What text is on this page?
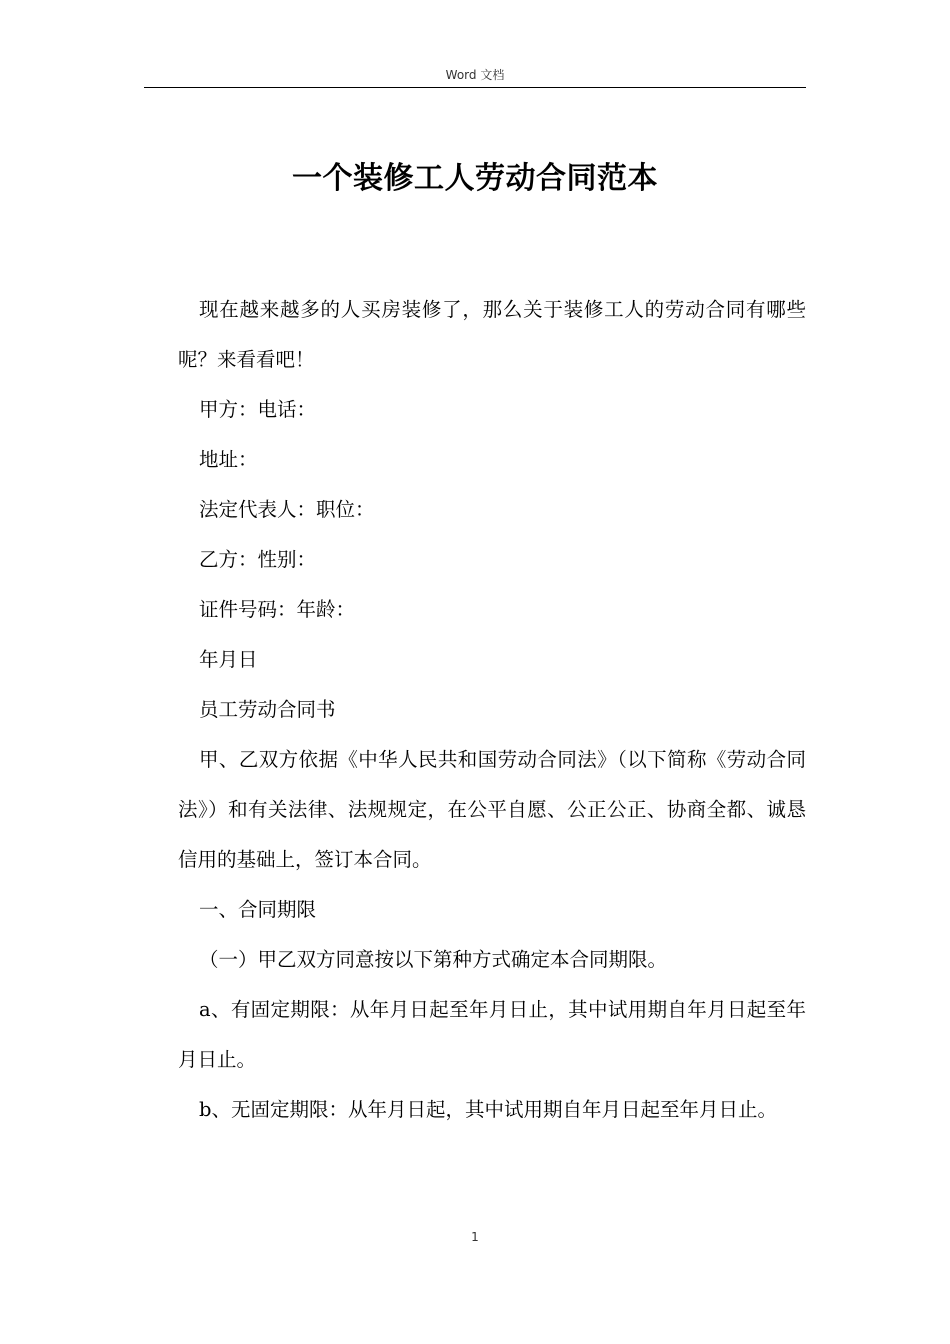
Word 文档
一个装修工人劳动合同范本

现在越来越多的人买房装修了，那么关于装修工人的劳动合同有哪些呢？来看看吧！

甲方：电话：

地址：

法定代表人：职位：

乙方：性别：

证件号码：年龄：

年月日

员工劳动合同书

甲、乙双方依据《中华人民共和国劳动合同法》（以下简称《劳动合同法》）和有关法律、法规规定，在公平自愿、公正公正、协商全都、诚恳信用的基础上，签订本合同。

一、合同期限

（一）甲乙双方同意按以下第种方式确定本合同期限。

a、有固定期限：从年月日起至年月日止，其中试用期自年月日起至年月日止。

b、无固定期限：从年月日起，其中试用期自年月日起至年月日止。

1
